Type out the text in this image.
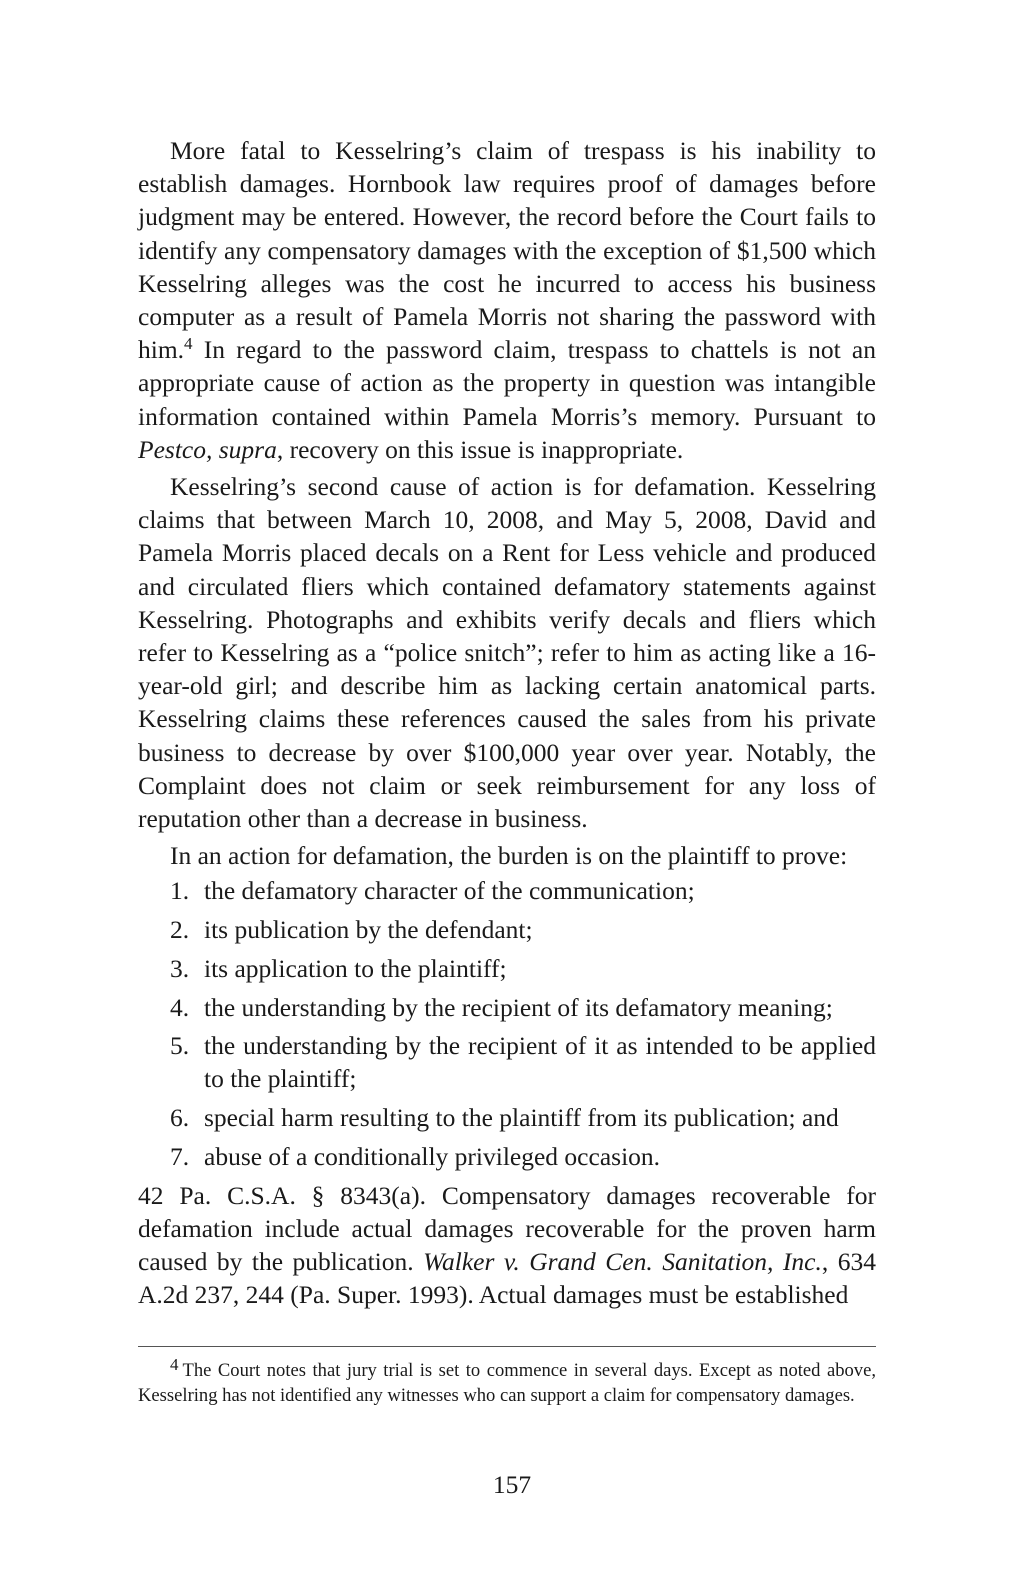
More fatal to Kesselring’s claim of trespass is his inability to establish damages. Hornbook law requires proof of damages before judgment may be entered. However, the record before the Court fails to identify any compensatory damages with the exception of $1,500 which Kesselring alleges was the cost he incurred to access his business computer as a result of Pamela Morris not sharing the password with him.$^4$ In regard to the password claim, trespass to chattels is not an appropriate cause of action as the property in question was intangible information contained within Pamela Morris’s memory. Pursuant to Pestco, supra, recovery on this issue is inappropriate.

Kesselring’s second cause of action is for defamation. Kesselring claims that between March 10, 2008, and May 5, 2008, David and Pamela Morris placed decals on a Rent for Less vehicle and produced and circulated fliers which contained defamatory statements against Kesselring. Photographs and exhibits verify decals and fliers which refer to Kesselring as a “police snitch”; refer to him as acting like a 16-year-old girl; and describe him as lacking certain anatomical parts. Kesselring claims these references caused the sales from his private business to decrease by over $100,000 year over year. Notably, the Complaint does not claim or seek reimbursement for any loss of reputation other than a decrease in business.

In an action for defamation, the burden is on the plaintiff to prove:

1. the defamatory character of the communication;
2. its publication by the defendant;
3. its application to the plaintiff;
4. the understanding by the recipient of its defamatory meaning;
5. the understanding by the recipient of it as intended to be applied to the plaintiff;
6. special harm resulting to the plaintiff from its publication; and
7. abuse of a conditionally privileged occasion.

42 Pa. C.S.A. § 8343(a). Compensatory damages recoverable for defamation include actual damages recoverable for the proven harm caused by the publication. Walker v. Grand Cen. Sanitation, Inc., 634 A.2d 237, 244 (Pa. Super. 1993). Actual damages must be established

4 The Court notes that jury trial is set to commence in several days. Except as noted above, Kesselring has not identified any witnesses who can support a claim for compensatory damages.

157
